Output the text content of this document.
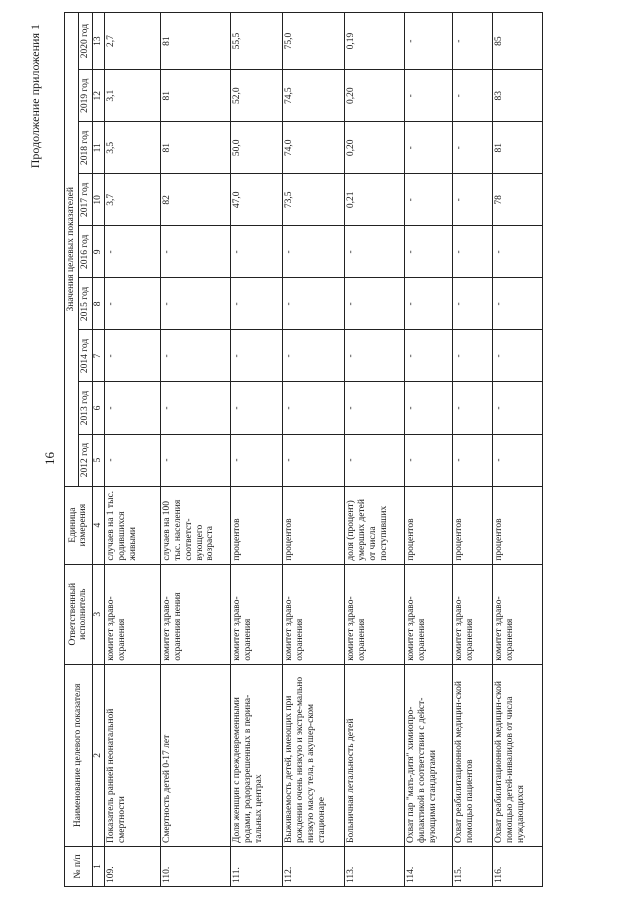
16
Продолжение приложения 1
№ п/п	Наименование целевого показателя	Ответственный исполнитель	Единица измерения	Значения целевых показателей								
				2012 год	2013 год	2014 год	2015 год	2016 год	2017 год	2018 год	2019 год	2020 год
1	2	3	4	5	6	7	8	9	10	11	12	13
109.	Показатель ранней неонатальной смертности	комитет здраво-охранения	случаев на 1 тыс. родившихся живыми	-	-	-	-	-	3,7	3,5	3,1	2,7
110.	Смертность детей 0-17 лет	комитет здраво-охранения нения	случаев на 100 тыс. населения соответст-вующего возраста	-	-	-	-	-	82	81	81	81
111.	Доля женщин с преждевременными родами, родоразрешенных в перина-тальных центрах	комитет здраво-охранения	процентов	-	-	-	-	-	47,0	50,0	52,0	55,5
112.	Выживаемость детей, имеющих при рождении очень низкую и экстре-мально низкую массу тела, в акушер-ском стационаре	комитет здраво-охранения	процентов	-	-	-	-	-	73,5	74,0	74,5	75,0
113.	Больничная летальность детей	комитет здраво-охранения	доля (процент) умерших детей от числа поступивших	-	-	-	-	-	0,21	0,20	0,20	0,19
114.	Охват пар "мать-дитя" химиопро-филактикой в соответствии с дейст-вующими стандартами	комитет здраво-охранения	процентов	-	-	-	-	-	-	-	-	-
115.	Охват реабилитационной медицин-ской помощью пациентов	комитет здраво-охранения	процентов	-	-	-	-	-	-	-	-	-
116.	Охват реабилитационной медицин-ской помощью детей-инвалидов от числа нуждающихся	комитет здраво-охранения	процентов	-	-	-	-	-	78	81	83	85
